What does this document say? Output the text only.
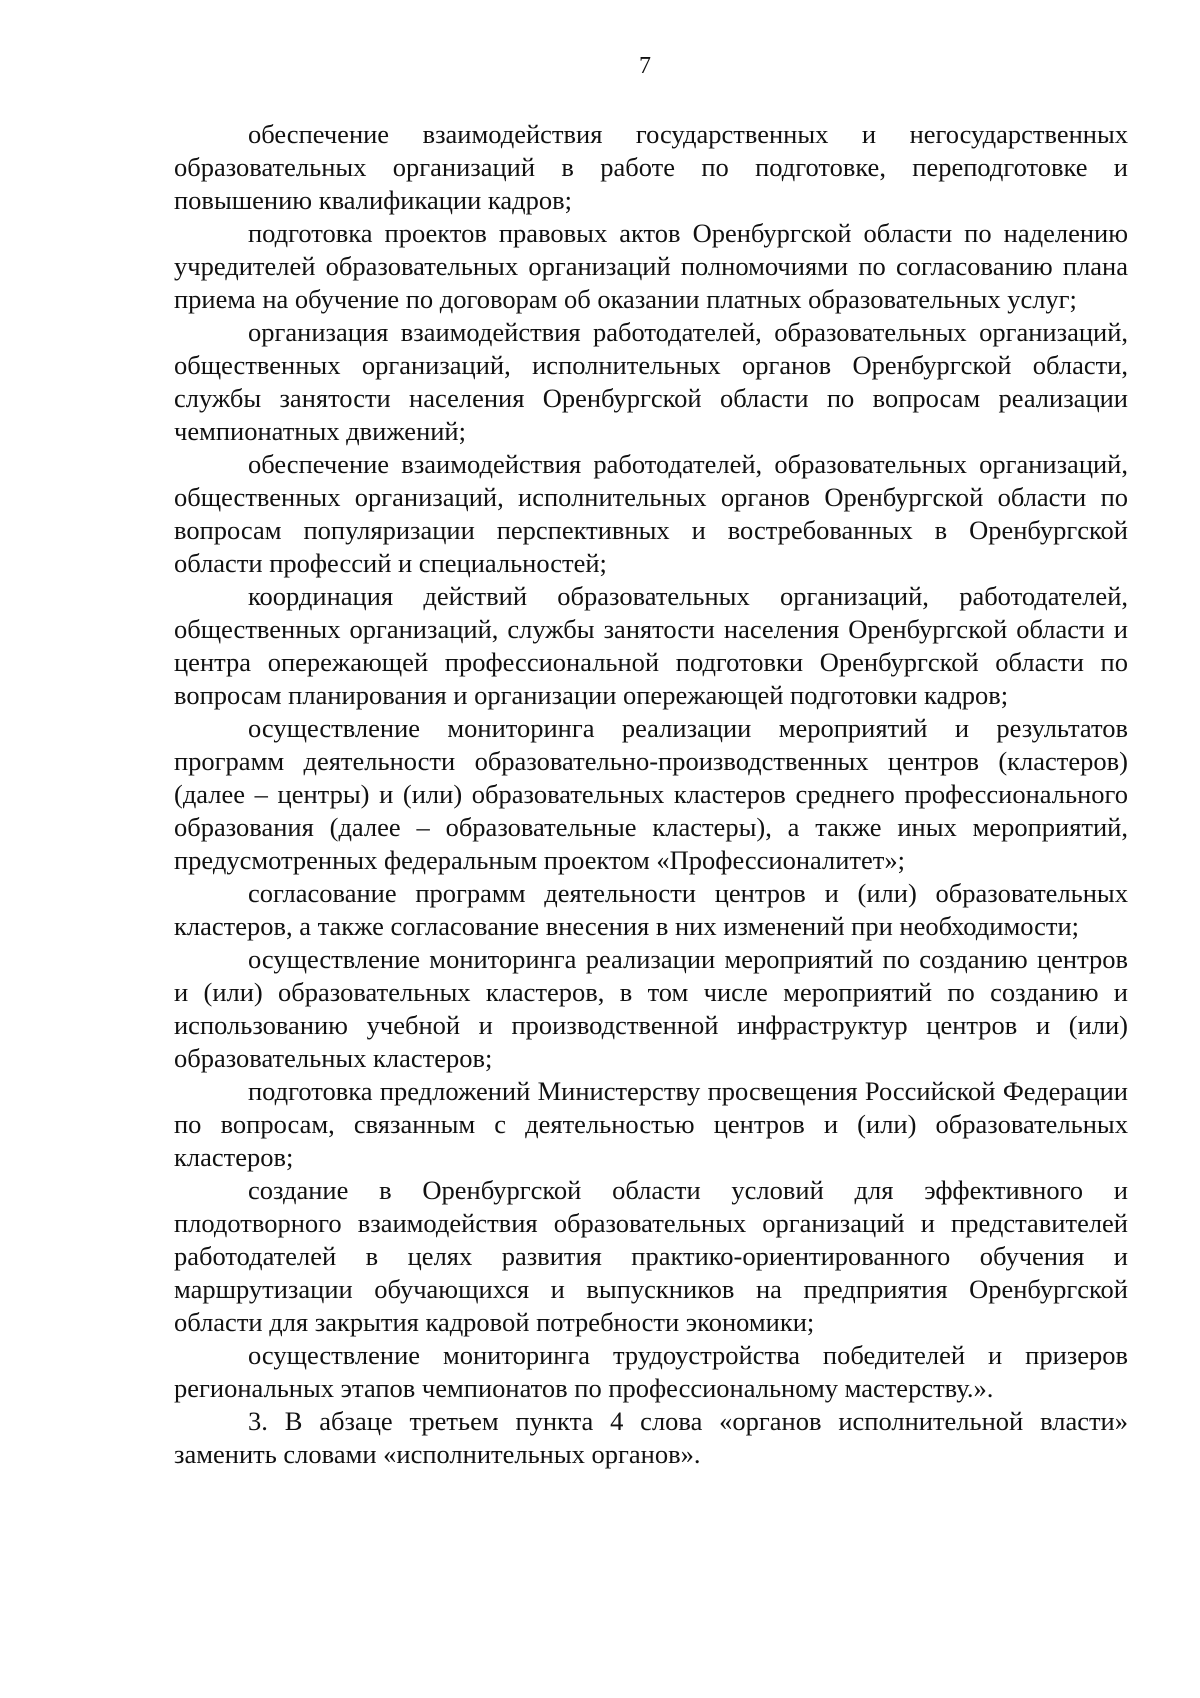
7

обеспечение взаимодействия государственных и негосударственных образовательных организаций в работе по подготовке, переподготовке и повышению квалификации кадров;

подготовка проектов правовых актов Оренбургской области по наделению учредителей образовательных организаций полномочиями по согласованию плана приема на обучение по договорам об оказании платных образовательных услуг;

организация взаимодействия работодателей, образовательных организаций, общественных организаций, исполнительных органов Оренбургской области, службы занятости населения Оренбургской области по вопросам реализации чемпионатных движений;

обеспечение взаимодействия работодателей, образовательных организаций, общественных организаций, исполнительных органов Оренбургской области по вопросам популяризации перспективных и востребованных в Оренбургской области профессий и специальностей;

координация действий образовательных организаций, работодателей, общественных организаций, службы занятости населения Оренбургской области и центра опережающей профессиональной подготовки Оренбургской области по вопросам планирования и организации опережающей подготовки кадров;

осуществление мониторинга реализации мероприятий и результатов программ деятельности образовательно-производственных центров (кластеров) (далее – центры) и (или) образовательных кластеров среднего профессионального образования (далее – образовательные кластеры), а также иных мероприятий, предусмотренных федеральным проектом «Профессионалитет»;

согласование программ деятельности центров и (или) образовательных кластеров, а также согласование внесения в них изменений при необходимости;

осуществление мониторинга реализации мероприятий по созданию центров и (или) образовательных кластеров, в том числе мероприятий по созданию и использованию учебной и производственной инфраструктур центров и (или) образовательных кластеров;

подготовка предложений Министерству просвещения Российской Федерации по вопросам, связанным с деятельностью центров и (или) образовательных кластеров;

создание в Оренбургской области условий для эффективного и плодотворного взаимодействия образовательных организаций и представителей работодателей в целях развития практико-ориентированного обучения и маршрутизации обучающихся и выпускников на предприятия Оренбургской области для закрытия кадровой потребности экономики;

осуществление мониторинга трудоустройства победителей и призеров региональных этапов чемпионатов по профессиональному мастерству.».

3. В абзаце третьем пункта 4 слова «органов исполнительной власти» заменить словами «исполнительных органов».
